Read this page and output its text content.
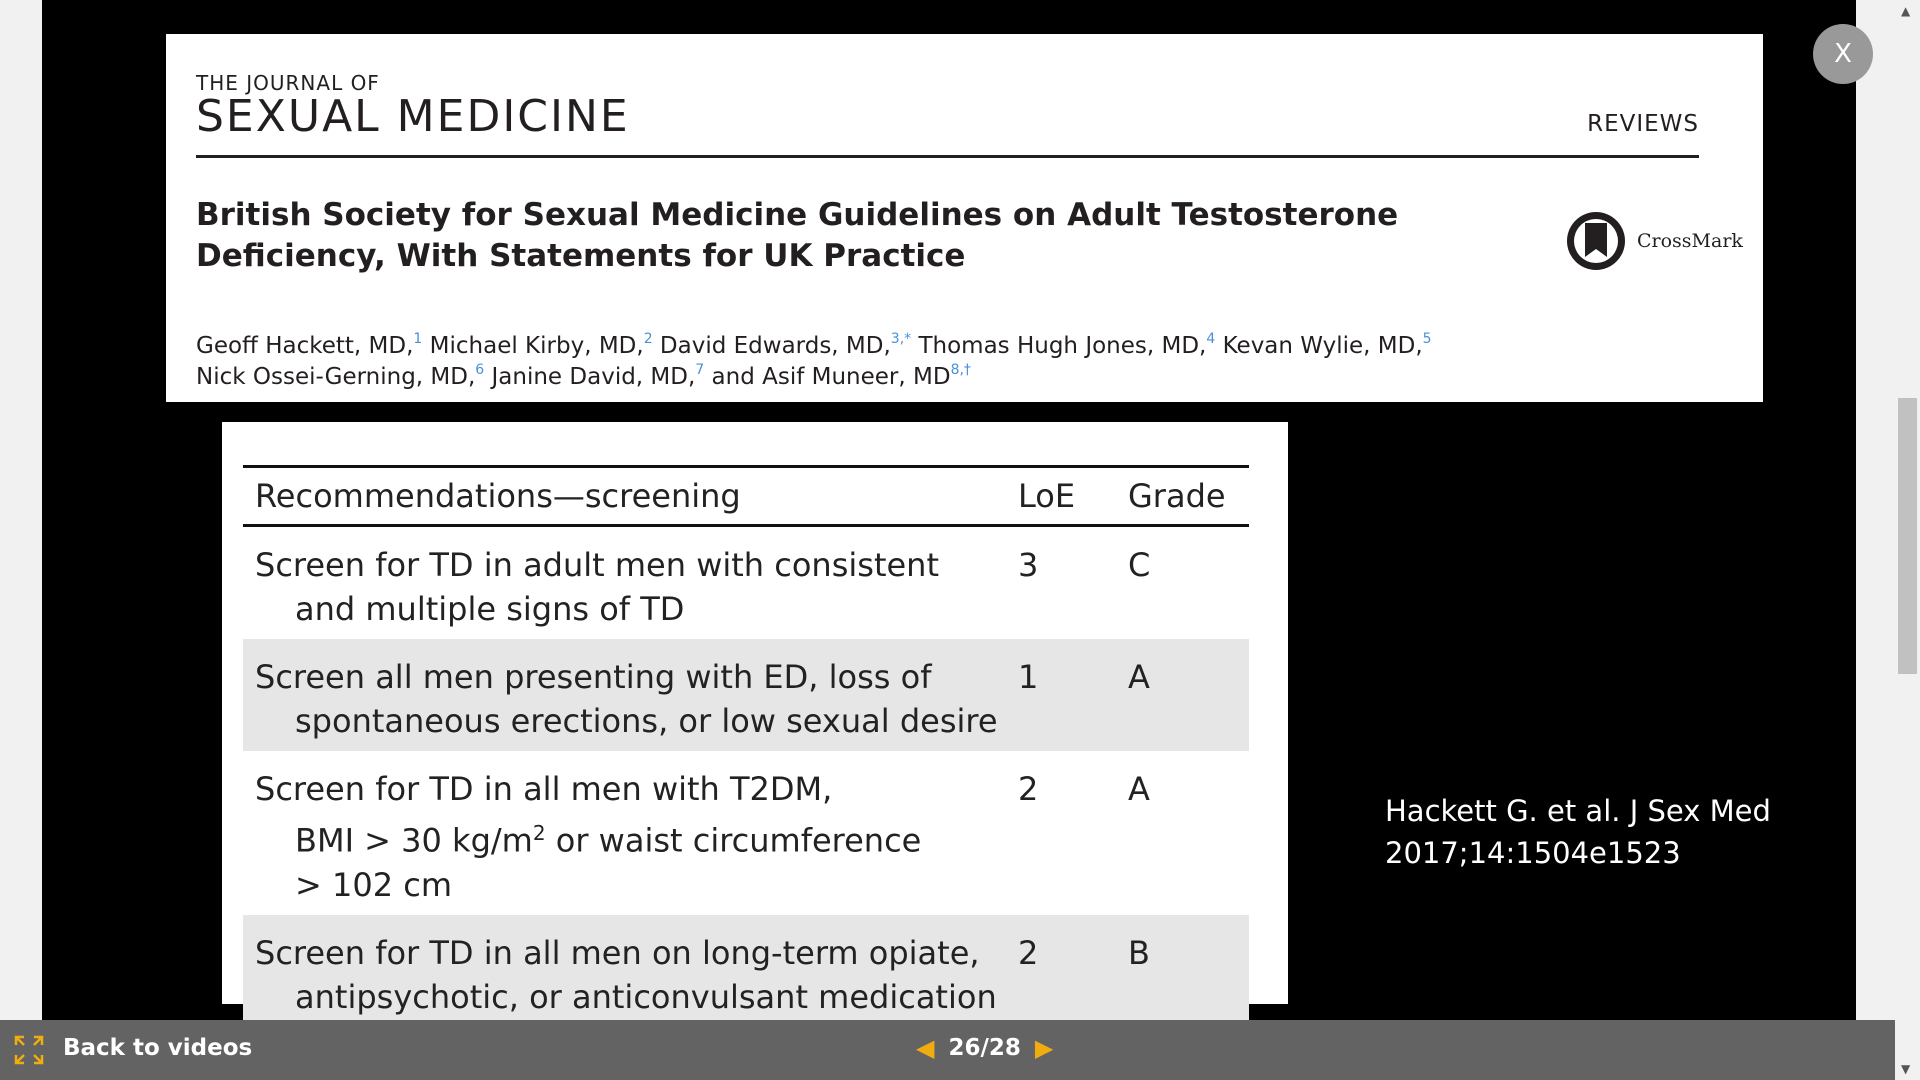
THE JOURNAL OF
SEXUAL MEDICINE	REVIEWS
British Society for Sexual Medicine Guidelines on Adult Testosterone
Deficiency, With Statements for UK Practice	CrossMark
Geoff Hackett, MD,$^1$ Michael Kirby, MD,$^2$ David Edwards, MD,$^{3,*}$ Thomas Hugh Jones, MD,$^4$ Kevan Wylie, MD,$^5$
Nick Ossei-Gerning, MD,$^6$ Janine David, MD,$^7$ and Asif Muneer, $MD^{8,\dagger}$
Recommendations—screening	LoE	Grade
Screen for TD in adult men with consistent
and multiple signs of TD
3	C
Screen all men presenting with ED, loss of
spontaneous erections, or low sexual desire
1	A
Screen for TD in all men with T2DM,
BMI > 30 $kg/m^2$ or waist circumference
> 102 cm
2	A
Screen for TD in all men on long-term opiate,
antipsychotic, or anticonvulsant medication
2	B
Hackett G. et al. J Sex Med
2017;14:1504e1523
X
▲
▼
Back to videos	◀ 26/28 ▶
